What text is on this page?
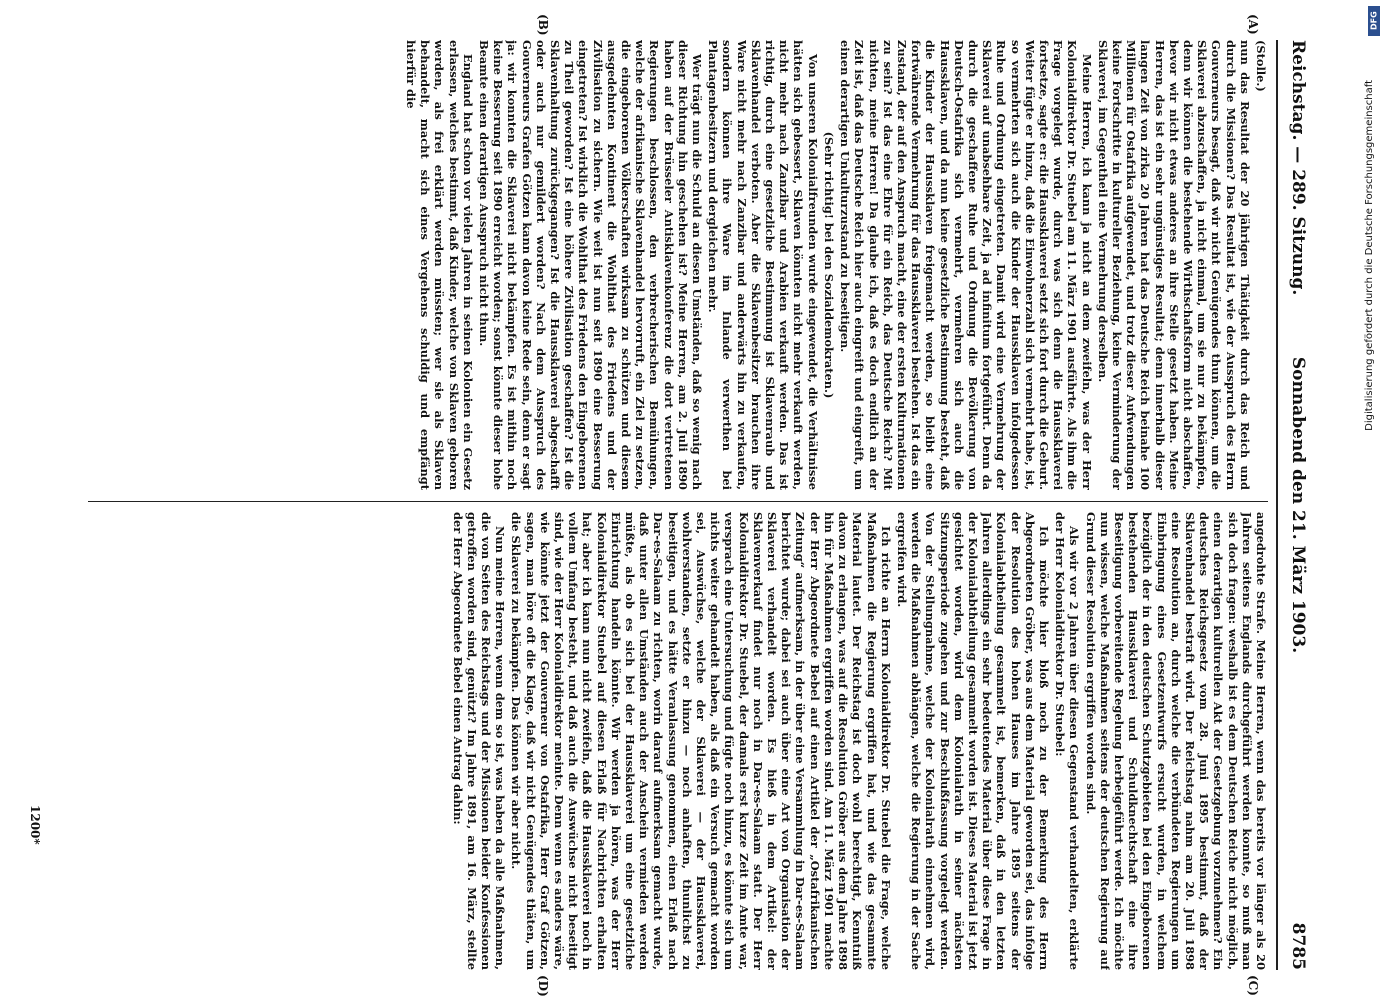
Reichstag. — 289. Sitzung.
Sonnabend den 21. März 1903.
8785
(A)
(B)
(C)
(D)

(Stolle.)

nun das Resultat der 20 jährigen Thätigkeit durch das Reich und durch die Missionen? Das Resultat ist, wie der Ausspruch des Herrn Gouverneurs besagt, daß wir nicht Genügendes thun können, um die Sklaverei abzuschaffen, ja nicht einmal, um sie nur zu bekämpfen, denn wir können die bestehende Wirthschaftsform nicht abschaffen, bevor wir nicht etwas anderes an ihre Stelle gesetzt haben. Meine Herren, das ist ein sehr ungünstiges Resultat; denn innerhalb dieser langen Zeit von zirka 20 Jahren hat das Deutsche Reich beinahe 100 Millionen für Ostafrika aufgewendet, und trotz dieser Aufwendungen keine Fortschritte in kultureller Beziehung, keine Verminderung der Sklaverei, im Gegentheil eine Vermehrung derselben.

Meine Herren, ich kann ja nicht an dem zweifeln, was der Herr Kolonialdirektor Dr. Stuebel am 11. März 1901 ausführte. Als ihm die Frage vorgelegt wurde, durch was sich denn die Haussklaverei fortsetze, sagte er: die Haussklaverei setzt sich fort durch die Geburt. Weiter fügte er hinzu, daß die Einwohnerzahl sich vermehrt habe, ist, so vermehrten sich auch die Kinder der Haussklaven infolgedessen Ruhe und Ordnung eingetreten. Damit wird eine Vermehrung der Sklaverei auf unabsehbare Zeit, ja ad infinitum fortgeführt. Denn da durch die geschaffene Ruhe und Ordnung die Bevölkerung von Deutsch-Ostafrika sich vermehrt, vermehren sich auch die Haussklaven, und da nun keine gesetzliche Bestimmung besteht, daß die Kinder der Haussklaven freigemacht werden, so bleibt eine fortwährende Vermehrung für das Haussklaverei bestehen. Ist das ein Zustand, der auf den Anspruch macht, eine der ersten Kulturnationen zu sein? Ist das eine Ehre für ein Reich, das Deutsche Reich? Mit nichten, meine Herren! Da glaube ich, daß es doch endlich an der Zeit ist, daß das Deutsche Reich hier auch eingreift und eingreift, um einen derartigen Unkulturzustand zu beseitigen.

(Sehr richtig! bei den Sozialdemokraten.)

Von unseren Kolonialfreunden wurde eingewendet, die Verhältnisse hätten sich gebessert, Sklaven könnten nicht mehr verkauft werden, nicht mehr nach Zanzibar und Arabien verkauft werden. Das ist richtig, durch eine gesetzliche Bestimmung ist Sklavenraub und Sklavenhandel verboten. Aber die Sklavenbesitzer brauchen ihre Ware nicht mehr nach Zanzibar und anderwärts hin zu verkaufen, sondern können ihre Ware im Inlande verwerthen bei Plantagenbesitzern und dergleichen mehr.

Wer trägt nun die Schuld an diesen Umständen, daß so wenig nach dieser Richtung hin geschehen ist? Meine Herren, am 2. Juli 1890 haben auf der Brüsseler Antisklavenkonferenz die dort vertretenen Regierungen beschlossen, den verbrecherischen Bemühungen, welche der afrikanische Sklavenhandel hervorruft, ein Ziel zu setzen, die eingeborenen Völkerschaften wirksam zu schützen und diesem ausgedehnten Kontinent die Wohlthat des Friedens und der Zivilisation zu sichern. Wie weit ist nun seit 1890 eine Besserung eingetreten? Ist wirklich die Wohlthat des Friedens den Eingeborenen zu Theil geworden? Ist eine höhere Zivilisation geschaffen? Ist die Sklavenhaltung zurückgegangen? Ist die Haussklaverei abgeschafft oder auch nur gemildert worden? Nach dem Ausspruch des Gouverneurs Grafen Götzen kann davon keine Rede sein, denn er sagt ja: wir konnten die Sklaverei nicht bekämpfen. Es ist mithin noch keine Besserung seit 1890 erreicht worden; sonst könnte dieser hohe Beamte einen derartigen Ausspruch nicht thun.

England hat schon vor vielen Jahren in seinen Kolonien ein Gesetz erlassen, welches bestimmt, daß Kinder, welche von Sklaven geboren werden, als frei erklärt werden müssten; wer sie als Sklaven behandelt, macht sich eines Vergehens schuldig und empfängt hierfür die

angedrohte Strafe. Meine Herren, wenn das bereits vor länger als 20 Jahren seitens Englands durchgeführt werden konnte, so muß man sich doch fragen: weshalb ist es dem Deutschen Reiche nicht möglich, einen derartigen kulturellen Akt der Gesetzgebung vorzunehmen? Ein deutsches Reichsgesetz vom 28. Juni 1895 bestimmt, daß der Sklavenhandel bestraft wird. Der Reichstag nahm am 20. Juli 1898 eine Resolution an, durch welche die verbündeten Regierungen um Einbringung eines Gesetzentwurfs ersucht wurden, in welchem bezüglich der in den deutschen Schutzgebieten bei den Eingeborenen bestehenden Haussklaverei und Schuldknechtschaft eine ihre Beseitigung vorbereitende Regelung herbeigeführt werde. Ich möchte nun wissen, welche Maßnahmen seitens der deutschen Regierung auf Grund dieser Resolution ergriffen worden sind.

Als wir vor 2 Jahren über diesen Gegenstand verhandelten, erklärte der Herr Kolonialdirektor Dr. Stuebel:

Ich möchte hier bloß noch zu der Bemerkung des Herrn Abgeordneten Gröber, was aus dem Material geworden sei, das infolge der Resolution des hohen Hauses im Jahre 1895 seitens der Kolonialabtheilung gesammelt ist, bemerken, daß in den letzten Jahren allerdings ein sehr bedeutendes Material über diese Frage in der Kolonialabtheilung gesammelt worden ist. Dieses Material ist jetzt gesichtet worden, wird dem Kolonialrath in seiner nächsten Sitzungsperiode zugehen und zur Beschlußfassung vorgelegt werden. Von der Stellungnahme, welche der Kolonialrath einnehmen wird, werden die Maßnahmen abhängen, welche die Regierung in der Sache ergreifen wird.

Ich richte an Herrn Kolonialdirektor Dr. Stuebel die Frage, welche Maßnahmen die Regierung ergriffen hat, und wie das gesammte Material lautet. Der Reichstag ist doch wohl berechtigt, Kenntniß davon zu erlangen, was auf die Resolution Gröber aus dem Jahre 1898 hin für Maßnahmen ergriffen worden sind. Am 11. März 1901 machte der Herr Abgeordnete Bebel auf einen Artikel der „Ostafrikanischen Zeitung“ aufmerksam, in der über eine Versammlung in Dar-es-Salaam berichtet wurde; dabei sei auch über eine Art von Organisation der Sklaverei verhandelt worden. Es hieß in dem Artikel: der Sklavenverkauf findet nur noch in Dar-es-Salaam statt. Der Herr Kolonialdirektor Dr. Stuebel, der damals erst kurze Zeit im Amte war, versprach eine Untersuchung und fügte noch hinzu, es könnte sich um nichts weiter gehandelt haben, als daß ein Versuch gemacht worden sei, Auswüchse, welche der Sklaverei — der Haussklaverei, wohlverstanden, setzte er hinzu — noch anhaften, thunlichst zu beseitigen, und es hätte Veranlassung genommen, einen Erlaß nach Dar-es-Salaam zu richten, worin darauf aufmerksam gemacht wurde, daß unter allen Umständen auch der Anschein vermieden werden müßte, als ob es sich bei der Haussklaverei um eine gesetzliche Einrichtung handeln könnte. Wir werden ja hören, was der Herr Kolonialdirektor Stuebel auf diesen Erlaß für Nachrichten erhalten hat; aber ich kann nun nicht zweifeln, daß die Haussklaverei noch in vollem Umfang besteht, und daß auch die Auswüchse nicht beseitigt sind, wie der Herr Kolonialdirektor meinte. Denn wenn es anders wäre, wie könnte jetzt der Gouverneur von Ostafrika, Herr Graf Götzen, sagen, man höre oft die Klage, daß wir nicht Genügendes thäten, um die Sklaverei zu bekämpfen. Das können wir aber nicht.

Nun meine Herren, wenn dem so ist, was haben da alle Maßnahmen, die von Seiten des Reichstags und der Missionen beider Konfessionen getroffen worden sind, genützt? Im Jahre 1891, am 16. März, stellte der Herr Abgeordnete Bebel einen Antrag dahin:

1200*
DFG
Digitalisierung gefördert durch die Deutsche Forschungsgemeinschaft
